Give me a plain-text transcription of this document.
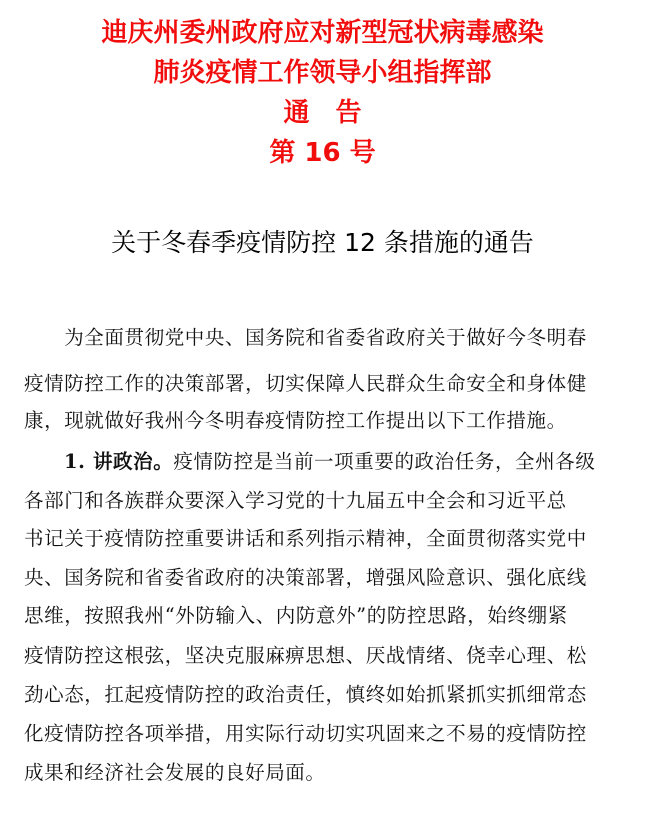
迪庆州委州政府应对新型冠状病毒感染
肺炎疫情工作领导小组指挥部
通　告
第 16 号
关于冬春季疫情防控 12 条措施的通告
　　为全面贯彻党中央、国务院和省委省政府关于做好今冬明春
疫情防控工作的决策部署，切实保障人民群众生命安全和身体健
康，现就做好我州今冬明春疫情防控工作提出以下工作措施。
1. 讲政治。疫情防控是当前一项重要的政治任务，全州各级
各部门和各族群众要深入学习党的十九届五中全会和习近平总
书记关于疫情防控重要讲话和系列指示精神，全面贯彻落实党中
央、国务院和省委省政府的决策部署，增强风险意识、强化底线
思维，按照我州“外防输入、内防意外”的防控思路，始终绷紧
疫情防控这根弦，坚决克服麻痹思想、厌战情绪、侥幸心理、松
劲心态，扛起疫情防控的政治责任，慎终如始抓紧抓实抓细常态
化疫情防控各项举措，用实际行动切实巩固来之不易的疫情防控
成果和经济社会发展的良好局面。
